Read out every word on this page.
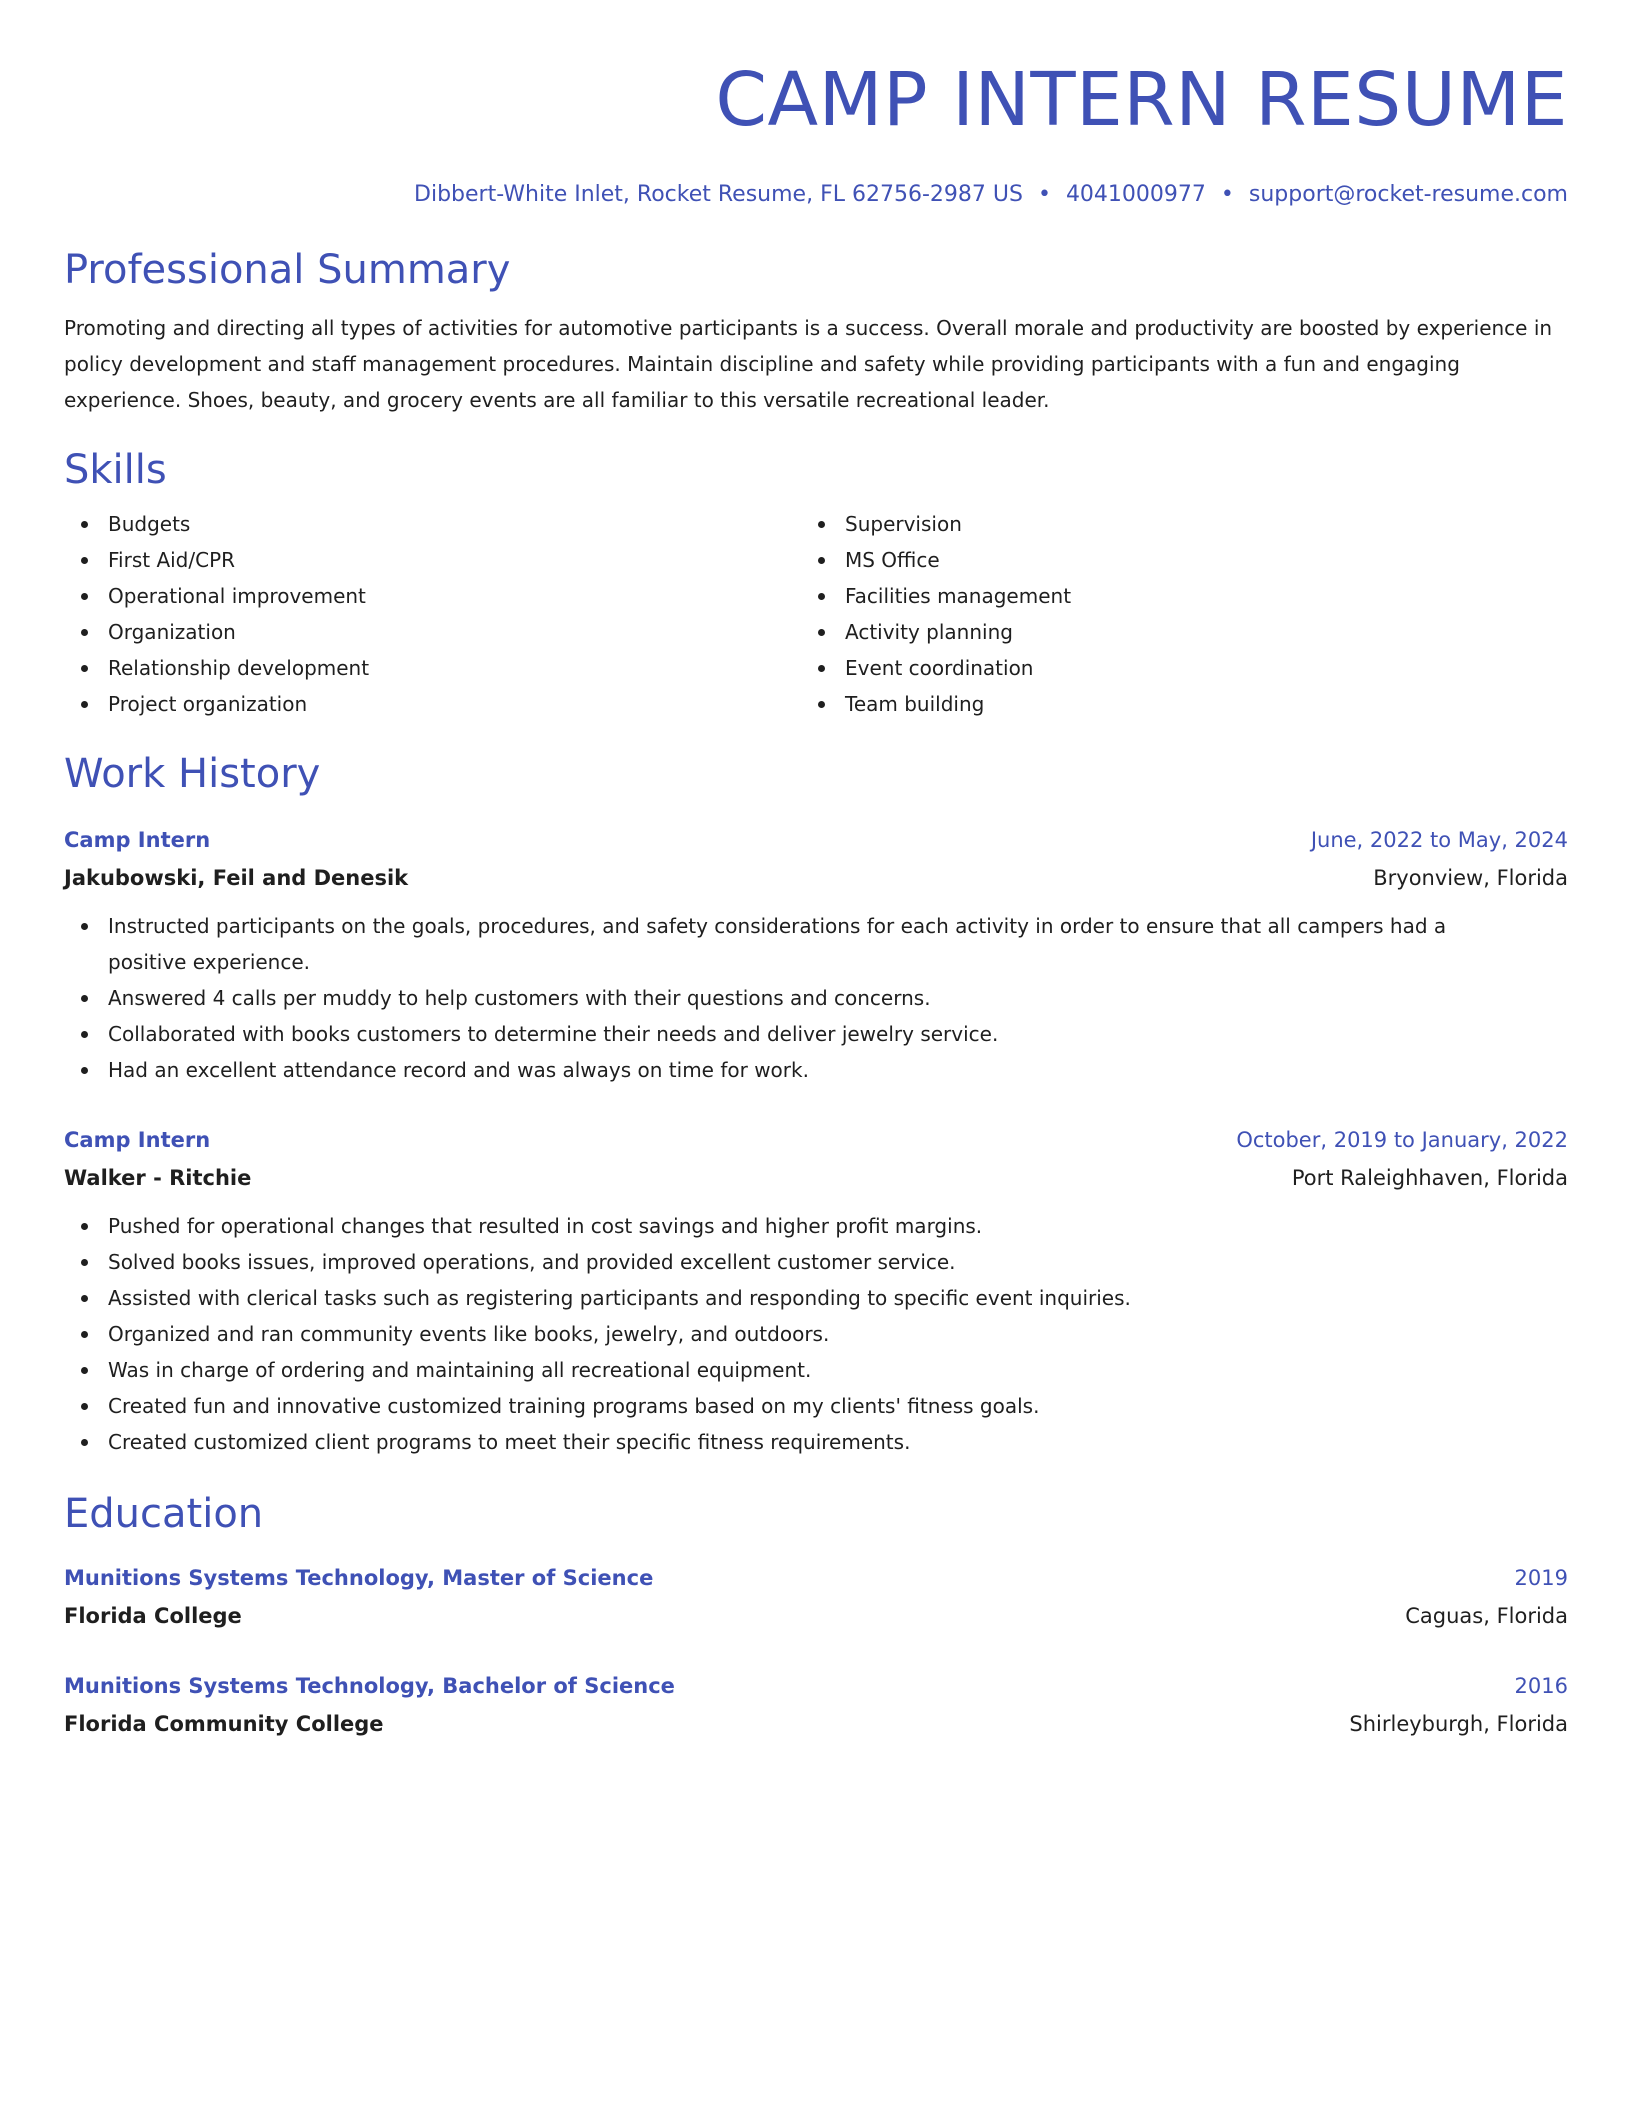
CAMP INTERN RESUME
Dibbert-White Inlet, Rocket Resume, FL 62756-2987 US • 4041000977 • support@rocket-resume.com
Professional Summary

Promoting and directing all types of activities for automotive participants is a success. Overall morale and productivity are boosted by experience in policy development and staff management procedures. Maintain discipline and safety while providing participants with a fun and engaging experience. Shoes, beauty, and grocery events are all familiar to this versatile recreational leader.

Skills
Budgets
First Aid/CPR
Operational improvement
Organization
Relationship development
Project organization
Supervision
MS Office
Facilities management
Activity planning
Event coordination
Team building
Work History
Camp Intern	June, 2022 to May, 2024
Jakubowski, Feil and Denesik	Bryonview, Florida
Instructed participants on the goals, procedures, and safety considerations for each activity in order to ensure that all campers had a positive experience.
Answered 4 calls per muddy to help customers with their questions and concerns.
Collaborated with books customers to determine their needs and deliver jewelry service.
Had an excellent attendance record and was always on time for work.
Camp Intern	October, 2019 to January, 2022
Walker - Ritchie	Port Raleighhaven, Florida
Pushed for operational changes that resulted in cost savings and higher profit margins.
Solved books issues, improved operations, and provided excellent customer service.
Assisted with clerical tasks such as registering participants and responding to specific event inquiries.
Organized and ran community events like books, jewelry, and outdoors.
Was in charge of ordering and maintaining all recreational equipment.
Created fun and innovative customized training programs based on my clients' fitness goals.
Created customized client programs to meet their specific fitness requirements.
Education
Munitions Systems Technology, Master of Science	2019
Florida College	Caguas, Florida
Munitions Systems Technology, Bachelor of Science	2016
Florida Community College	Shirleyburgh, Florida
